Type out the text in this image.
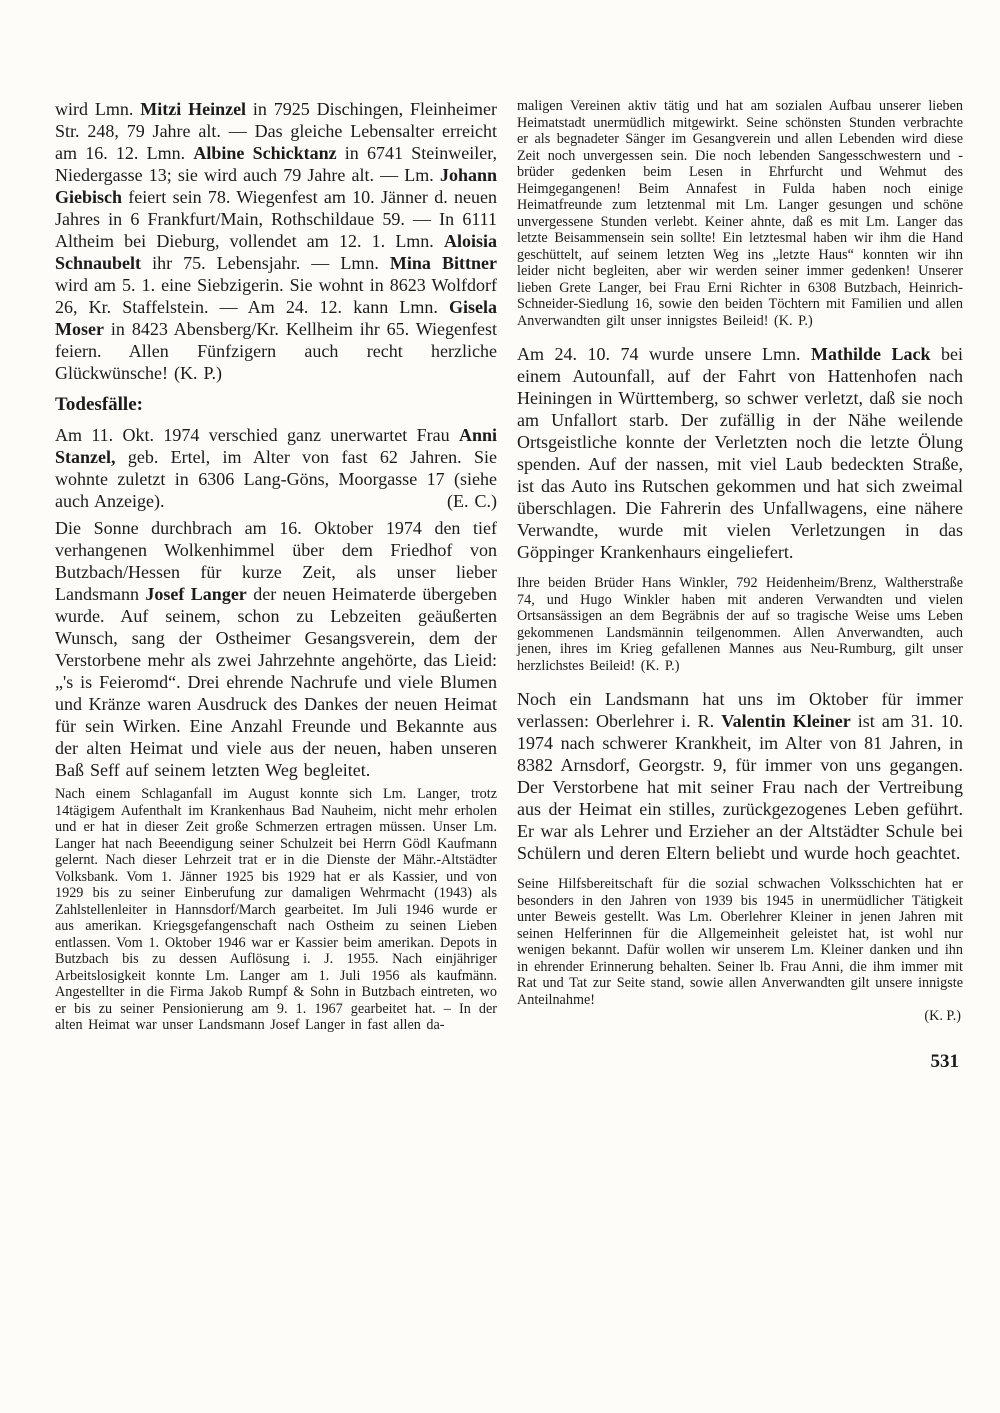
wird Lmn. Mitzi Heinzel in 7925 Dischingen, Fleinheimer Str. 248, 79 Jahre alt. — Das gleiche Lebensalter erreicht am 16. 12. Lmn. Albine Schicktanz in 6741 Steinweiler, Niedergasse 13; sie wird auch 79 Jahre alt. — Lm. Johann Giebisch feiert sein 78. Wiegenfest am 10. Jänner d. neuen Jahres in 6 Frankfurt/Main, Rothschildaue 59. — In 6111 Altheim bei Dieburg, vollendet am 12. 1. Lmn. Aloisia Schnaubelt ihr 75. Lebensjahr. — Lmn. Mina Bittner wird am 5. 1. eine Siebzigerin. Sie wohnt in 8623 Wolfdorf 26, Kr. Staffelstein. — Am 24. 12. kann Lmn. Gisela Moser in 8423 Abensberg/Kr. Kellheim ihr 65. Wiegenfest feiern. Allen Fünfzigern auch recht herzliche Glückwünsche! (K. P.)

Todesfälle:

Am 11. Okt. 1974 verschied ganz unerwartet Frau Anni Stanzel, geb. Ertel, im Alter von fast 62 Jahren. Sie wohnte zuletzt in 6306 Lang-Göns, Moorgasse 17 (siehe auch Anzeige).	(E. C.)

Die Sonne durchbrach am 16. Oktober 1974 den tief verhangenen Wolkenhimmel über dem Friedhof von Butzbach/Hessen für kurze Zeit, als unser lieber Landsmann Josef Langer der neuen Heimaterde übergeben wurde. Auf seinem, schon zu Lebzeiten geäußerten Wunsch, sang der Ostheimer Gesangsverein, dem der Verstorbene mehr als zwei Jahrzehnte angehörte, das Lieid: „'s is Feieromd“. Drei ehrende Nachrufe und viele Blumen und Kränze waren Ausdruck des Dankes der neuen Heimat für sein Wirken. Eine Anzahl Freunde und Bekannte aus der alten Heimat und viele aus der neuen, haben unseren Baß Seff auf seinem letzten Weg begleitet.

Nach einem Schlaganfall im August konnte sich Lm. Langer, trotz 14tägigem Aufenthalt im Krankenhaus Bad Nauheim, nicht mehr erholen und er hat in dieser Zeit große Schmerzen ertragen müssen. Unser Lm. Langer hat nach Beeendigung seiner Schulzeit bei Herrn Gödl Kaufmann gelernt. Nach dieser Lehrzeit trat er in die Dienste der Mähr.-Altstädter Volksbank. Vom 1. Jänner 1925 bis 1929 hat er als Kassier, und von 1929 bis zu seiner Einberufung zur damaligen Wehrmacht (1943) als Zahlstellenleiter in Hannsdorf/March gearbeitet. Im Juli 1946 wurde er aus amerikan. Kriegsgefangenschaft nach Ostheim zu seinen Lieben entlassen. Vom 1. Oktober 1946 war er Kassier beim amerikan. Depots in Butzbach bis zu dessen Auflösung i. J. 1955. Nach einjähriger Arbeitslosigkeit konnte Lm. Langer am 1. Juli 1956 als kaufmänn. Angestellter in die Firma Jakob Rumpf & Sohn in Butzbach eintreten, wo er bis zu seiner Pensionierung am 9. 1. 1967 gearbeitet hat. – In der alten Heimat war unser Landsmann Josef Langer in fast allen da-

maligen Vereinen aktiv tätig und hat am sozialen Aufbau unserer lieben Heimatstadt unermüdlich mitgewirkt. Seine schönsten Stunden verbrachte er als begnadeter Sänger im Gesangverein und allen Lebenden wird diese Zeit noch unvergessen sein. Die noch lebenden Sangesschwestern und -brüder gedenken beim Lesen in Ehrfurcht und Wehmut des Heimgegangenen! Beim Annafest in Fulda haben noch einige Heimatfreunde zum letztenmal mit Lm. Langer gesungen und schöne unvergessene Stunden verlebt. Keiner ahnte, daß es mit Lm. Langer das letzte Beisammensein sein sollte! Ein letztesmal haben wir ihm die Hand geschüttelt, auf seinem letzten Weg ins „letzte Haus“ konnten wir ihn leider nicht begleiten, aber wir werden seiner immer gedenken! Unserer lieben Grete Langer, bei Frau Erni Richter in 6308 Butzbach, Heinrich-Schneider-Siedlung 16, sowie den beiden Töchtern mit Familien und allen Anverwandten gilt unser innigstes Beileid! (K. P.)

Am 24. 10. 74 wurde unsere Lmn. Mathilde Lack bei einem Autounfall, auf der Fahrt von Hattenhofen nach Heiningen in Württemberg, so schwer verletzt, daß sie noch am Unfallort starb. Der zufällig in der Nähe weilende Ortsgeistliche konnte der Verletzten noch die letzte Ölung spenden. Auf der nassen, mit viel Laub bedeckten Straße, ist das Auto ins Rutschen gekommen und hat sich zweimal überschlagen. Die Fahrerin des Unfallwagens, eine nähere Verwandte, wurde mit vielen Verletzungen in das Göppinger Krankenhaurs eingeliefert.

Ihre beiden Brüder Hans Winkler, 792 Heidenheim/Brenz, Waltherstraße 74, und Hugo Winkler haben mit anderen Verwandten und vielen Ortsansässigen an dem Begräbnis der auf so tragische Weise ums Leben gekommenen Landsmännin teilgenommen. Allen Anverwandten, auch jenen, ihres im Krieg gefallenen Mannes aus Neu-Rumburg, gilt unser herzlichstes Beileid! (K. P.)

Noch ein Landsmann hat uns im Oktober für immer verlassen: Oberlehrer i. R. Valentin Kleiner ist am 31. 10. 1974 nach schwerer Krankheit, im Alter von 81 Jahren, in 8382 Arnsdorf, Georgstr. 9, für immer von uns gegangen. Der Verstorbene hat mit seiner Frau nach der Vertreibung aus der Heimat ein stilles, zurückgezogenes Leben geführt. Er war als Lehrer und Erzieher an der Altstädter Schule bei Schülern und deren Eltern beliebt und wurde hoch geachtet.

Seine Hilfsbereitschaft für die sozial schwachen Volksschichten hat er besonders in den Jahren von 1939 bis 1945 in unermüdlicher Tätigkeit unter Beweis gestellt. Was Lm. Oberlehrer Kleiner in jenen Jahren mit seinen Helferinnen für die Allgemeinheit geleistet hat, ist wohl nur wenigen bekannt. Dafür wollen wir unserem Lm. Kleiner danken und ihn in ehrender Erinnerung behalten. Seiner lb. Frau Anni, die ihm immer mit Rat und Tat zur Seite stand, sowie allen Anverwandten gilt unsere innigste Anteilnahme!

(K. P.)
531
